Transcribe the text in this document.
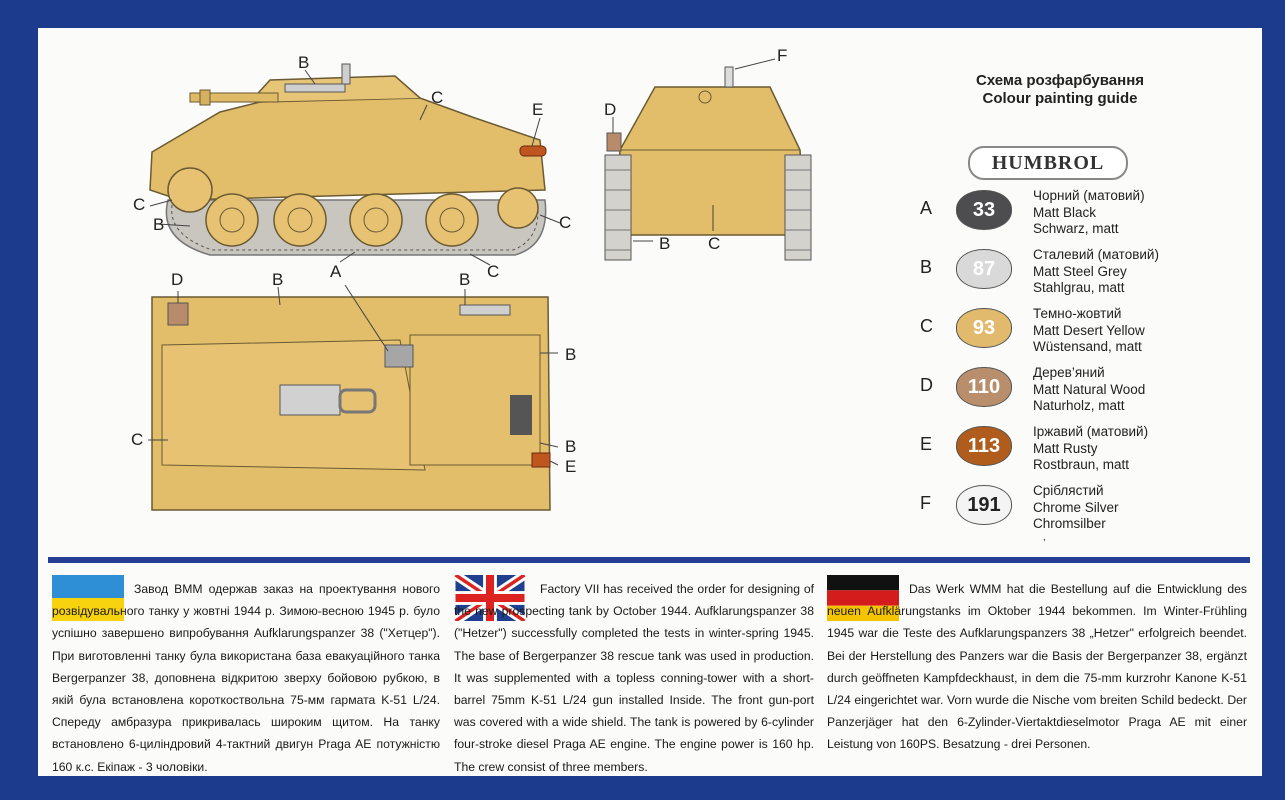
B
C
E
C
B	C
C
A
F
D
B C
D	B	B
B
C	B
E
Схема розфарбування
Colour painting guide
HUMBROL
A	33
Чорний (матовий)
Matt Black
Schwarz, matt
B	87
Сталевий (матовий)
Matt Steel Grey
Stahlgrau, matt
C	93
Темно-жовтий
Matt Desert Yellow
Wüstensand, matt
D	110
Дерев’яний
Matt Natural Wood
Naturholz, matt
E	113
Іржавий (матовий)
Matt Rusty
Rostbraun, matt
F	191
Сріблястий
Chrome Silver
Chromsilber
,

Завод ВММ одержав заказ на проектування нового розвідувального танку у жовтні 1944 р. Зимою-весною 1945 р. було успішно завершено випробування Aufklarungspanzer 38 ("Хетцер"). При виготовленні танку була використана база евакуаційного танка Bergerpanzer 38, доповнена відкритою зверху бойовою рубкою, в якій була встановлена короткоствольна 75-мм гармата K-51 L/24. Спереду амбразура прикривалась широким щитом. На танку встановлено 6-циліндровий 4-тактний двигун Praga AE потужністю 160 к.с. Екіпаж - 3 чоловіки.

Factory VII has received the order for designing of the new prospecting tank by October 1944. Aufklarungspanzer 38 ("Hetzer") successfully completed the tests in winter-spring 1945. The base of Bergerpanzer 38 rescue tank was used in production. It was supplemented with a topless conning-tower with a short-barrel 75mm K-51 L/24 gun installed Inside. The front gun-port was covered with a wide shield. The tank is powered by 6-cylinder four-stroke diesel Praga AE engine. The engine power is 160 hp. The crew consist of three members.

Das Werk WMM hat die Bestellung auf die Entwicklung des neuen Aufklärungstanks im Oktober 1944 bekommen. Im Winter-Frühling 1945 war die Teste des Aufklarungspanzers 38 „Hetzer" erfolgreich beendet. Bei der Herstellung des Panzers war die Basis der Bergerpanzer 38, ergänzt durch geöffneten Kampfdeckhaust, in dem die 75-mm kurzrohr Kanone K-51 L/24 eingerichtet war. Vorn wurde die Nische vom breiten Schild bedeckt. Der Panzerjäger hat den 6-Zylinder-Viertaktdieselmotor Praga AE mit einer Leistung von 160PS. Besatzung - drei Personen.
